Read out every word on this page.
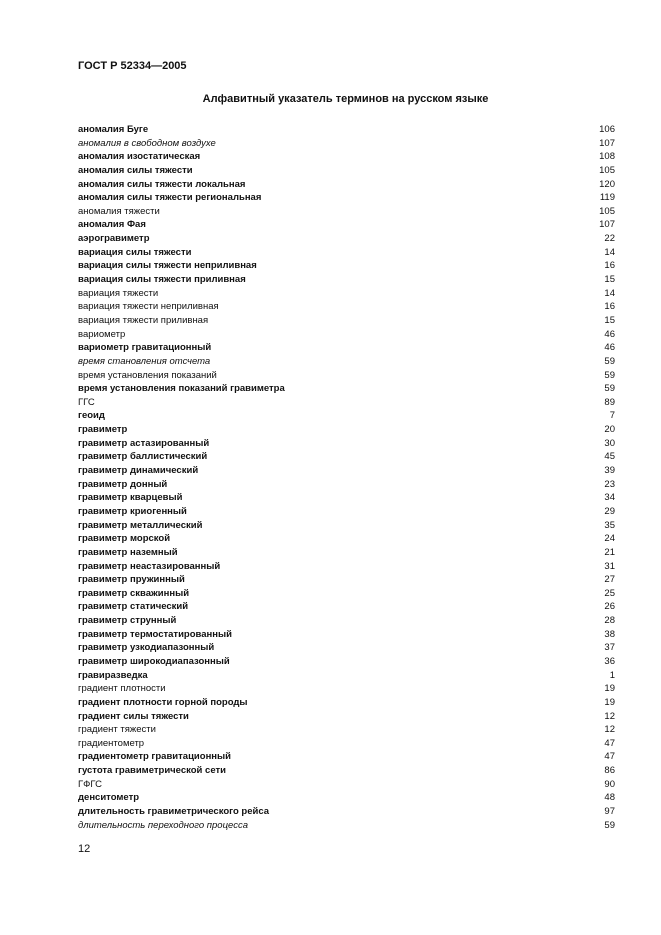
ГОСТ Р 52334—2005
Алфавитный указатель терминов на русском языке
аномалия Буге	106
аномалия в свободном воздухе	107
аномалия изостатическая	108
аномалия силы тяжести	105
аномалия силы тяжести локальная	120
аномалия силы тяжести региональная	119
аномалия тяжести	105
аномалия Фая	107
аэрогравиметр	22
вариация силы тяжести	14
вариация силы тяжести неприливная	16
вариация силы тяжести приливная	15
вариация тяжести	14
вариация тяжести неприливная	16
вариация тяжести приливная	15
вариометр	46
вариометр гравитационный	46
время становления отсчета	59
время установления показаний	59
время установления показаний гравиметра	59
ГГС	89
геоид	7
гравиметр	20
гравиметр астазированный	30
гравиметр баллистический	45
гравиметр динамический	39
гравиметр донный	23
гравиметр кварцевый	34
гравиметр криогенный	29
гравиметр металлический	35
гравиметр морской	24
гравиметр наземный	21
гравиметр неастазированный	31
гравиметр пружинный	27
гравиметр скважинный	25
гравиметр статический	26
гравиметр струнный	28
гравиметр термостатированный	38
гравиметр узкодиапазонный	37
гравиметр широкодиапазонный	36
гравиразведка	1
градиент плотности	19
градиент плотности горной породы	19
градиент силы тяжести	12
градиент тяжести	12
градиентометр	47
градиентометр гравитационный	47
густота гравиметрической сети	86
ГФГС	90
денситометр	48
длительность гравиметрического рейса	97
длительность переходного процесса	59
12
